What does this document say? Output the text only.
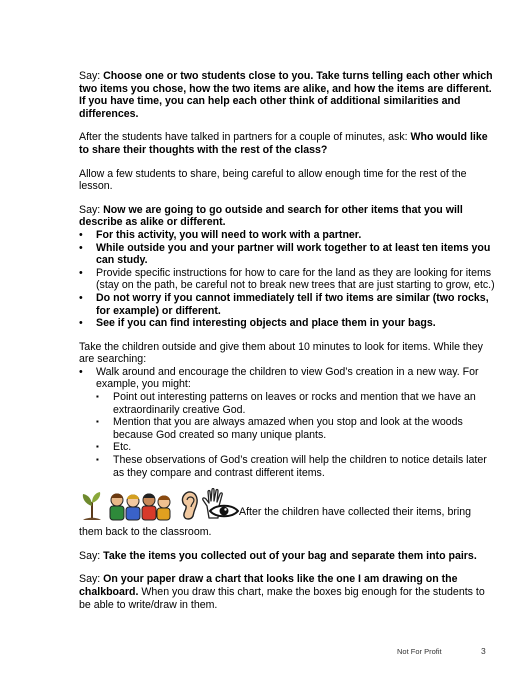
Say: Choose one or two students close to you. Take turns telling each other which two items you chose, how the two items are alike, and how the items are different. If you have time, you can help each other think of additional similarities and differences.

After the students have talked in partners for a couple of minutes, ask: Who would like to share their thoughts with the rest of the class?

Allow a few students to share, being careful to allow enough time for the rest of the lesson.

Say: Now we are going to go outside and search for other items that you will describe as alike or different.

• For this activity, you will need to work with a partner.
• While outside you and your partner will work together to at least ten items you can study.
• Provide specific instructions for how to care for the land as they are looking for items (stay on the path, be careful not to break new trees that are just starting to grow, etc.)
• Do not worry if you cannot immediately tell if two items are similar (two rocks, for example) or different.
• See if you can find interesting objects and place them in your bags.

Take the children outside and give them about 10 minutes to look for items. While they are searching:

• Walk around and encourage the children to view God’s creation in a new way. For example, you might:
▪ Point out interesting patterns on leaves or rocks and mention that we have an extraordinarily creative God.
▪ Mention that you are always amazed when you stop and look at the woods because God created so many unique plants.
▪ Etc.
▪ These observations of God’s creation will help the children to notice details later as they compare and contrast different items.
After the children have collected their items, bring

them back to the classroom.

Say: Take the items you collected out of your bag and separate them into pairs.

Say: On your paper draw a chart that looks like the one I am drawing on the chalkboard. When you draw this chart, make the boxes big enough for the students to be able to write/draw in them.

Not For Profit	3
